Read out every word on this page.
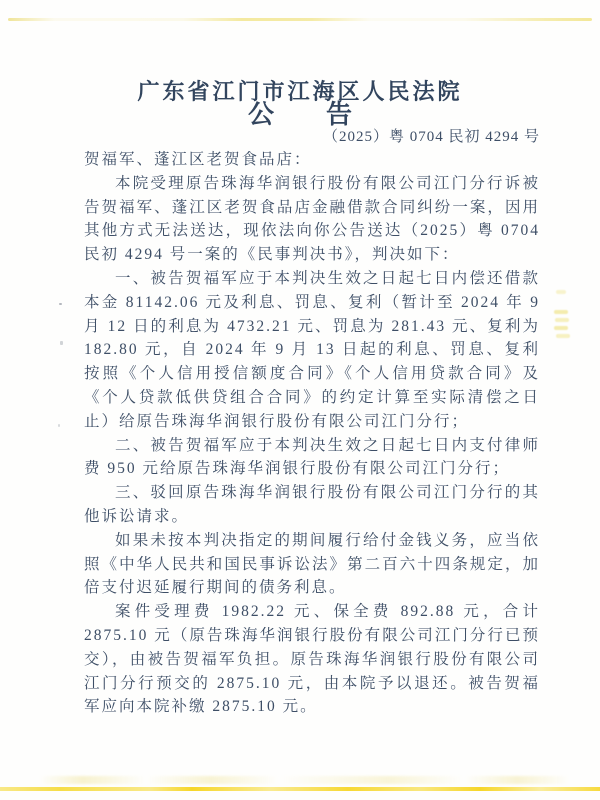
广东省江门市江海区人民法院
公　　告
（2025）粤 0704 民初 4294 号

贺福军、蓬江区老贺食品店：

本院受理原告珠海华润银行股份有限公司江门分行诉被告贺福军、蓬江区老贺食品店金融借款合同纠纷一案，因用其他方式无法送达，现依法向你公告送达（2025）粤 0704 民初 4294 号一案的《民事判决书》，判决如下：

一、被告贺福军应于本判决生效之日起七日内偿还借款本金 81142.06 元及利息、罚息、复利（暂计至 2024 年 9 月 12 日的利息为 4732.21 元、罚息为 281.43 元、复利为 182.80 元，自 2024 年 9 月 13 日起的利息、罚息、复利按照《个人信用授信额度合同》《个人信用贷款合同》及《个人贷款低供贷组合合同》的约定计算至实际清偿之日止）给原告珠海华润银行股份有限公司江门分行；

二、被告贺福军应于本判决生效之日起七日内支付律师费 950 元给原告珠海华润银行股份有限公司江门分行；

三、驳回原告珠海华润银行股份有限公司江门分行的其他诉讼请求。

如果未按本判决指定的期间履行给付金钱义务，应当依照《中华人民共和国民事诉讼法》第二百六十四条规定，加倍支付迟延履行期间的债务利息。

案件受理费 1982.22 元、保全费 892.88 元，合计 2875.10 元（原告珠海华润银行股份有限公司江门分行已预交），由被告贺福军负担。原告珠海华润银行股份有限公司江门分行预交的 2875.10 元，由本院予以退还。被告贺福军应向本院补缴 2875.10 元。
